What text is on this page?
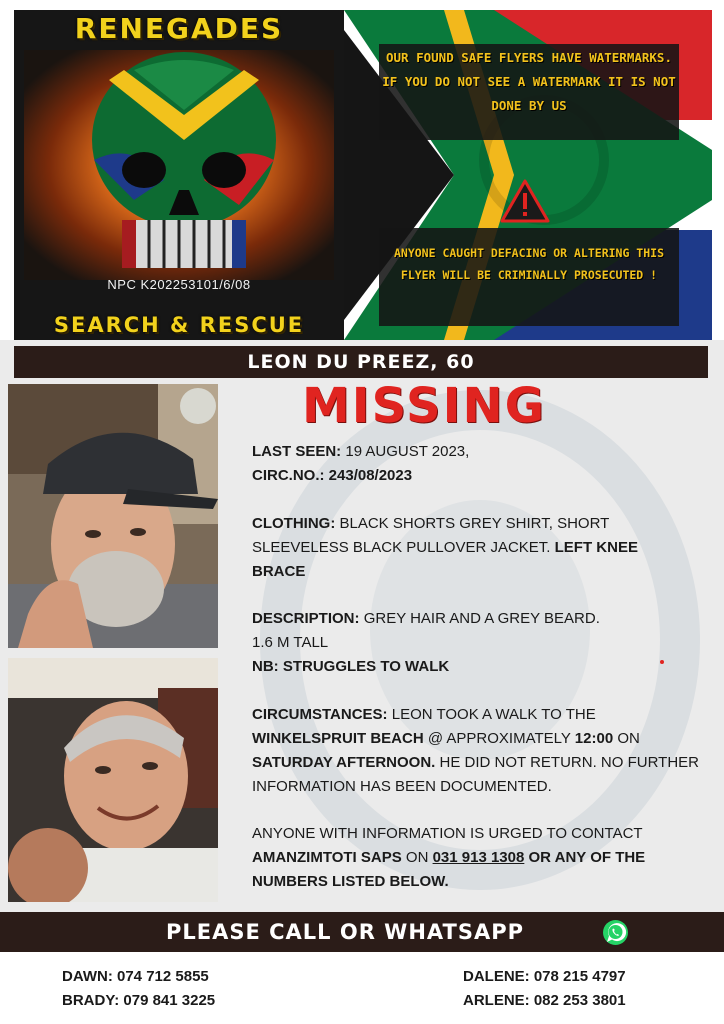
RENEGADES
NPC K202253101/6/08
SEARCH & RESCUE
OUR FOUND SAFE FLYERS HAVE WATERMARKS. IF YOU DO NOT SEE A WATERMARK IT IS NOT DONE BY US
ANYONE CAUGHT DEFACING OR ALTERING THIS FLYER WILL BE CRIMINALLY PROSECUTED !
LEON DU PREEZ, 60
MISSING
LAST SEEN: 19 AUGUST 2023,
CIRC.NO.: 243/08/2023
CLOTHING: BLACK SHORTS GREY SHIRT, SHORT SLEEVELESS BLACK PULLOVER JACKET. LEFT KNEE BRACE
DESCRIPTION: GREY HAIR AND A GREY BEARD.
1.6 M TALL
NB: STRUGGLES TO WALK
CIRCUMSTANCES: LEON TOOK A WALK TO THE WINKELSPRUIT BEACH @ APPROXIMATELY 12:00 ON SATURDAY AFTERNOON. HE DID NOT RETURN. NO FURTHER INFORMATION HAS BEEN DOCUMENTED.
ANYONE WITH INFORMATION IS URGED TO CONTACT AMANZIMTOTI SAPS ON 031 913 1308 OR ANY OF THE NUMBERS LISTED BELOW.
PLEASE CALL OR WHATSAPP
DAWN: 074 712 5855
BRADY: 079 841 3225
DALENE: 078 215 4797
ARLENE: 082 253 3801
